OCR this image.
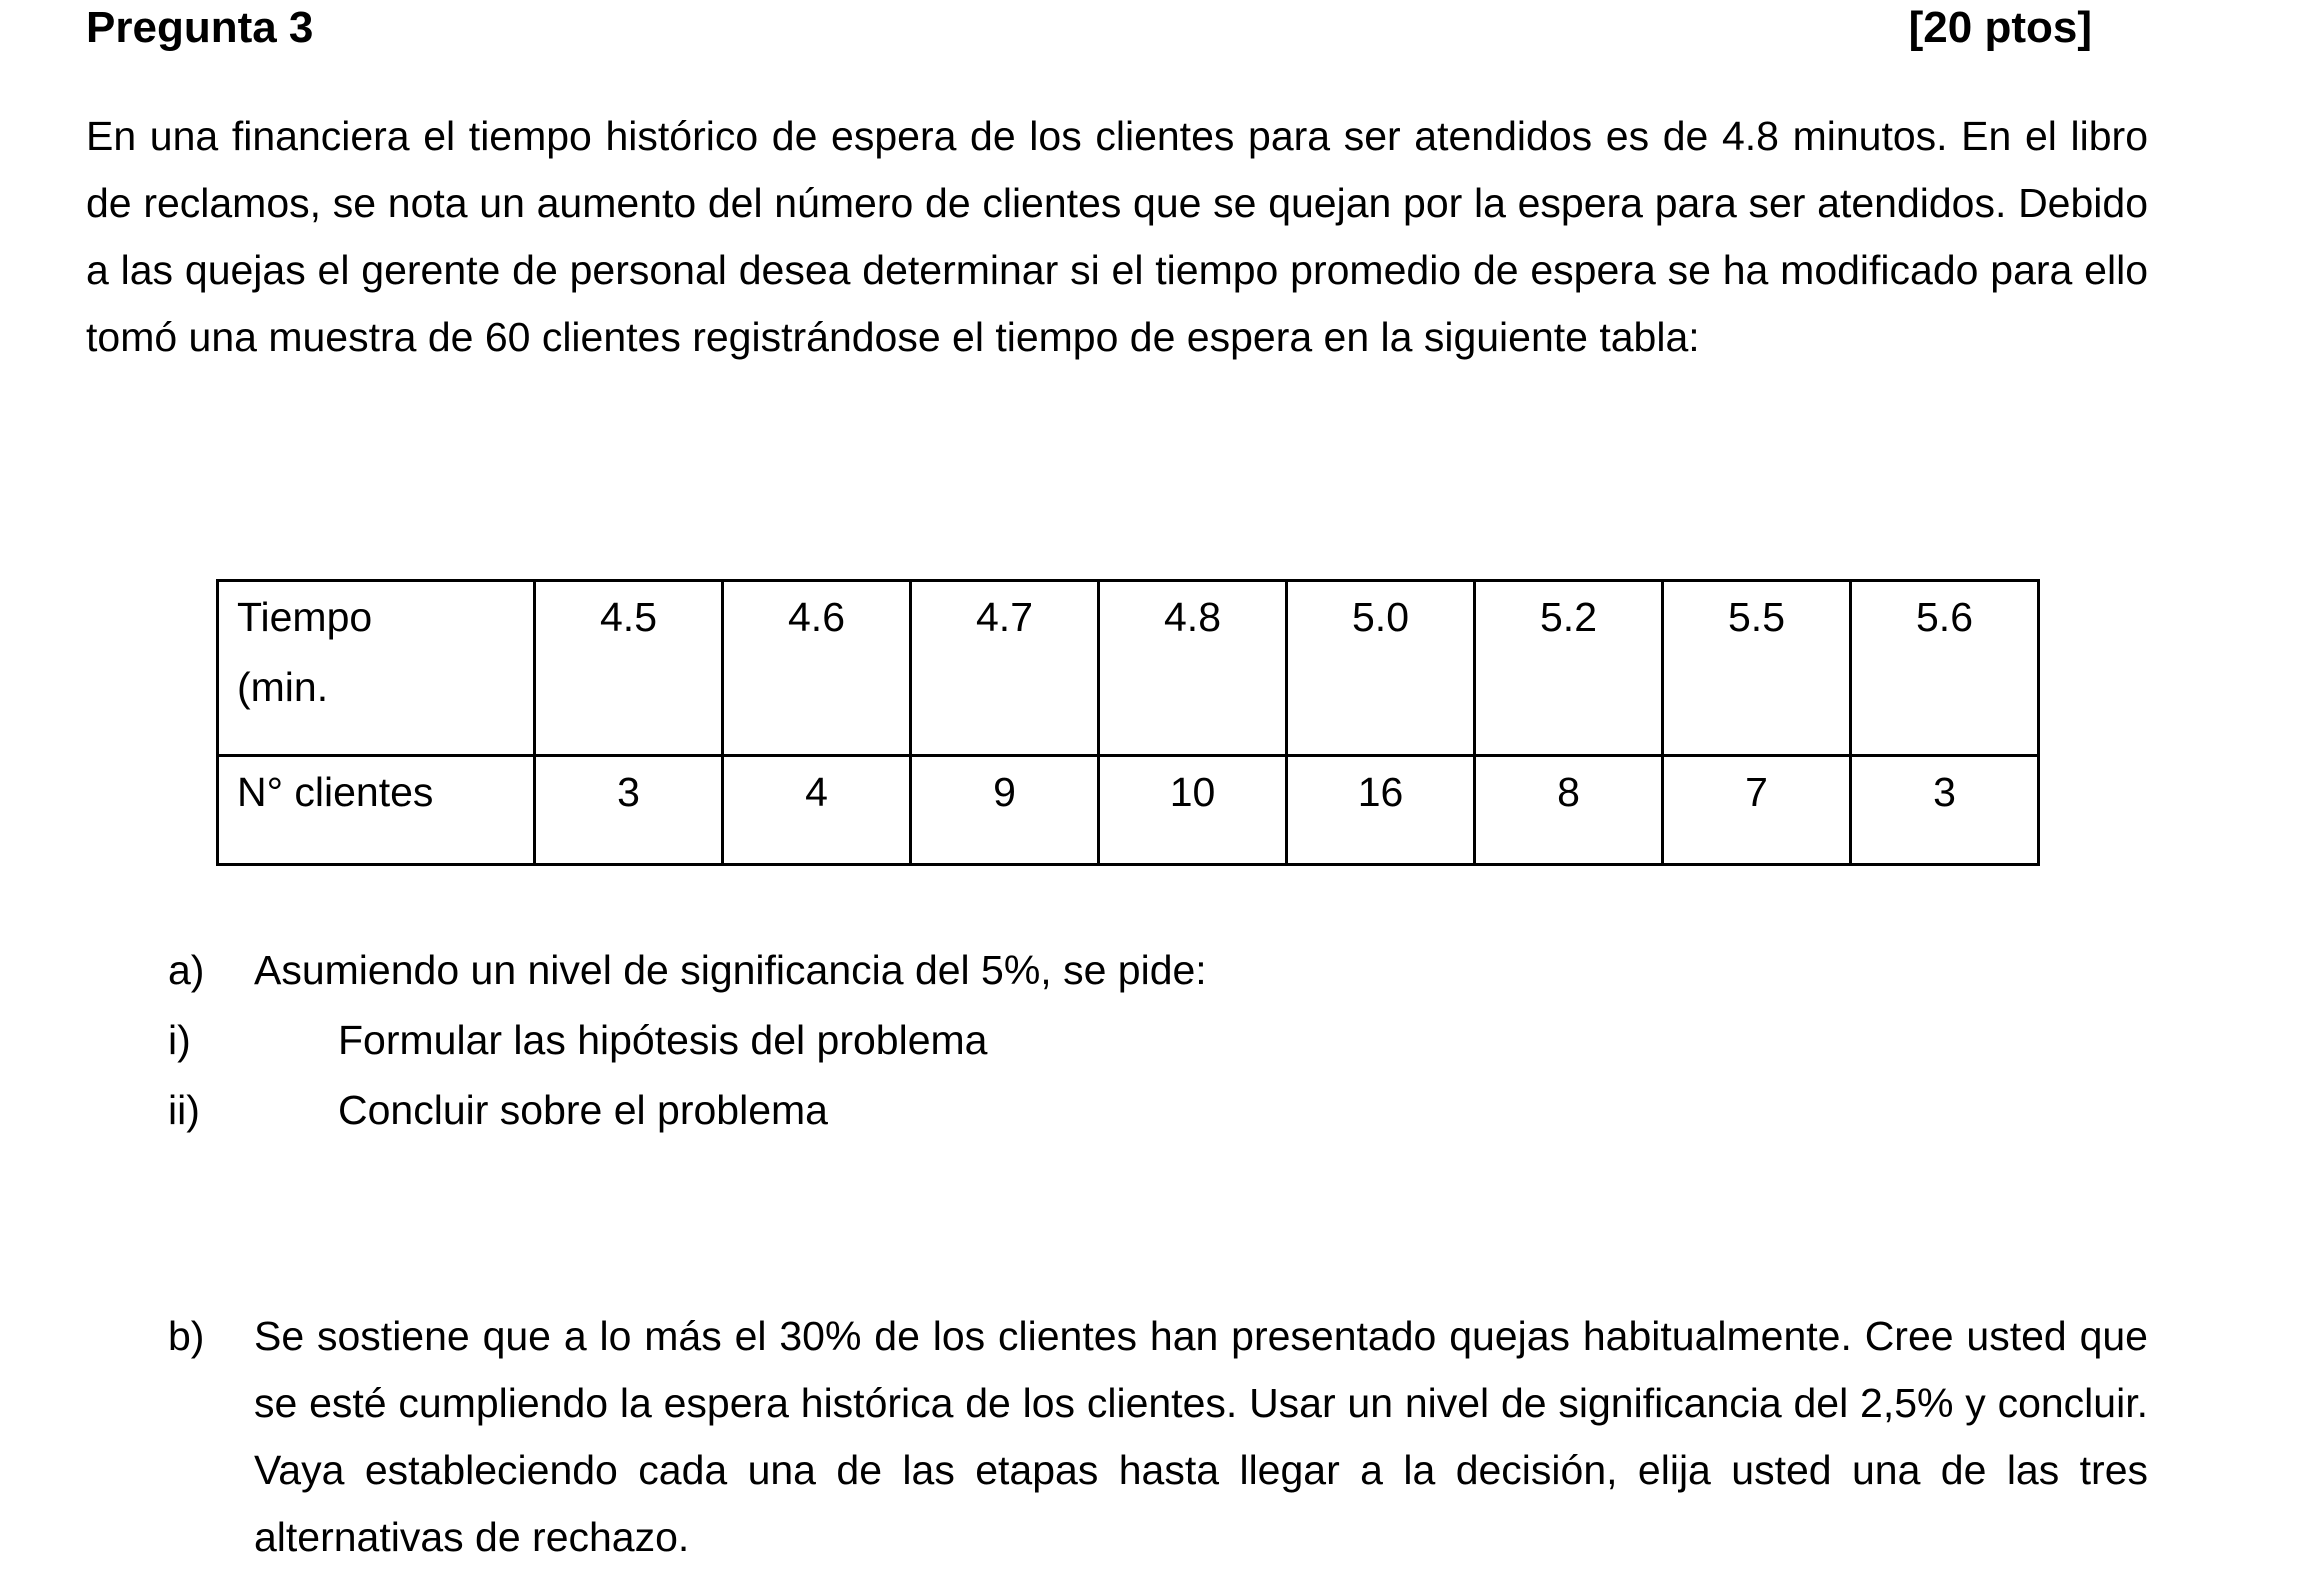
Pregunta 3	[20 ptos]

En una financiera el tiempo histórico de espera de los clientes para ser atendidos es de 4.8 minutos. En el libro de reclamos, se nota un aumento del número de clientes que se quejan por la espera para ser atendidos. Debido a las quejas el gerente de personal desea determinar si el tiempo promedio de espera se ha modificado para ello tomó una muestra de 60 clientes registrándose el tiempo de espera en la siguiente tabla:

Tiempo
(min.	4.5	4.6	4.7	4.8	5.0	5.2	5.5	5.6
N° clientes	3	4	9	10	16	8	7	3
a) Asumiendo un nivel de significancia del 5%, se pide:
i)	Formular las hipótesis del problema
ii)	Concluir sobre el problema
b) Se sostiene que a lo más el 30% de los clientes han presentado quejas habitualmente. Cree usted que se esté cumpliendo la espera histórica de los clientes. Usar un nivel de significancia del 2,5% y concluir. Vaya estableciendo cada una de las etapas hasta llegar a la decisión, elija usted una de las tres alternativas de rechazo.
